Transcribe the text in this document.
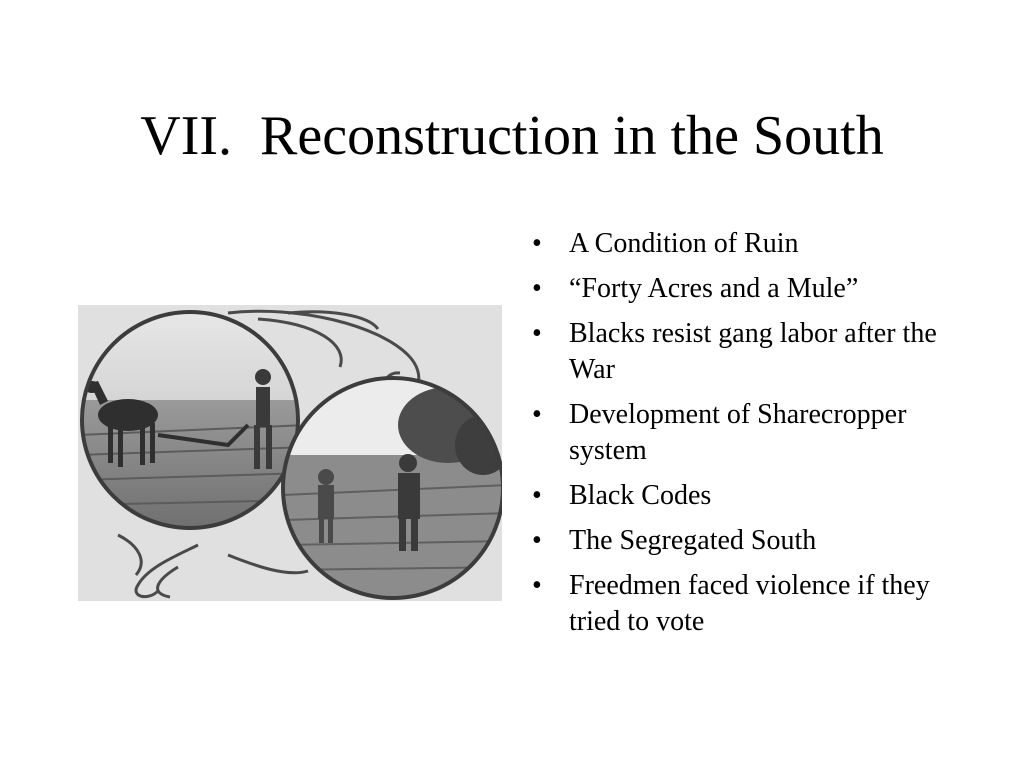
VII.  Reconstruction in the South
• A Condition of Ruin
• “Forty Acres and a Mule”
• Blacks resist gang labor after the War
• Development of Sharecropper system
• Black Codes
• The Segregated South
• Freedmen faced violence if they tried to vote
